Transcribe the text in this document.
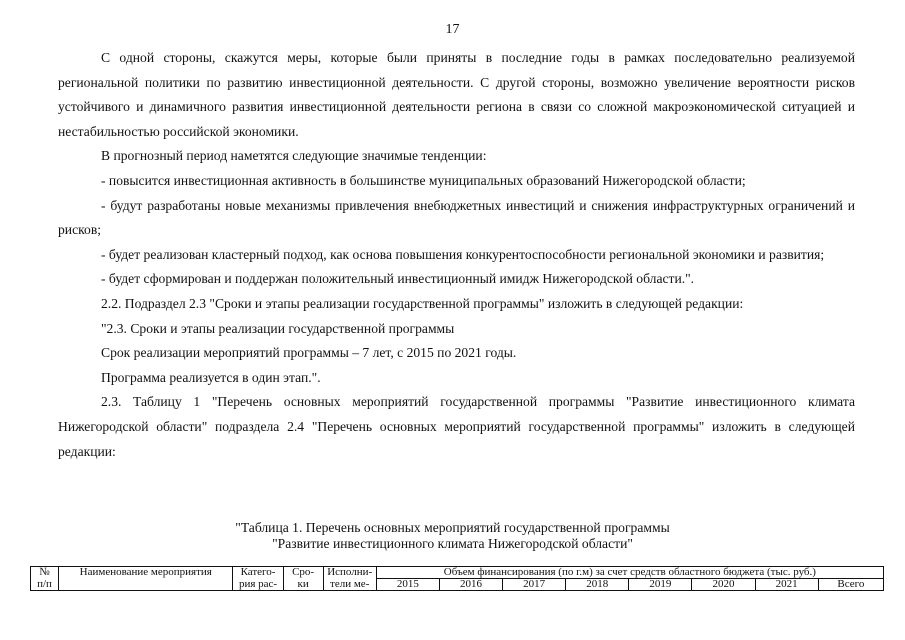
17

С одной стороны, скажутся меры, которые были приняты в последние годы в рамках последовательно реализуемой региональной политики по развитию инвестиционной деятельности. С другой стороны, возможно увеличение вероятности рисков устойчивого и динамичного развития инвестиционной деятельности региона в связи со сложной макроэкономической ситуацией и нестабильностью российской экономики.

В прогнозный период наметятся следующие значимые тенденции:

- повысится инвестиционная активность в большинстве муниципальных образований Нижегородской области;

- будут разработаны новые механизмы привлечения внебюджетных инвестиций и снижения инфраструктурных ограничений и рисков;

- будет реализован кластерный подход, как основа повышения конкурентоспособности региональной экономики и развития;

- будет сформирован и поддержан положительный инвестиционный имидж Нижегородской области.".

2.2. Подраздел 2.3 "Сроки и этапы реализации государственной программы" изложить в следующей редакции:

"2.3. Сроки и этапы реализации государственной программы

Срок реализации мероприятий программы – 7 лет, с 2015 по 2021 годы.

Программа реализуется в один этап.".

2.3. Таблицу 1 "Перечень основных мероприятий государственной программы "Развитие инвестиционного климата Нижегородской области" подраздела 2.4 "Перечень основных мероприятий государственной программы" изложить в следующей редакции:

"Таблица 1. Перечень основных мероприятий государственной программы
"Развитие инвестиционного климата Нижегородской области"
№	Наименование мероприятия	Катего-	Сро-	Исполни-	Объем финансирования (по г.м) за счет средств областного бюджета (тыс. руб.)							
п/п		рия рас-	ки	тели ме-	2015	2016	2017	2018	2019	2020	2021	Всего
